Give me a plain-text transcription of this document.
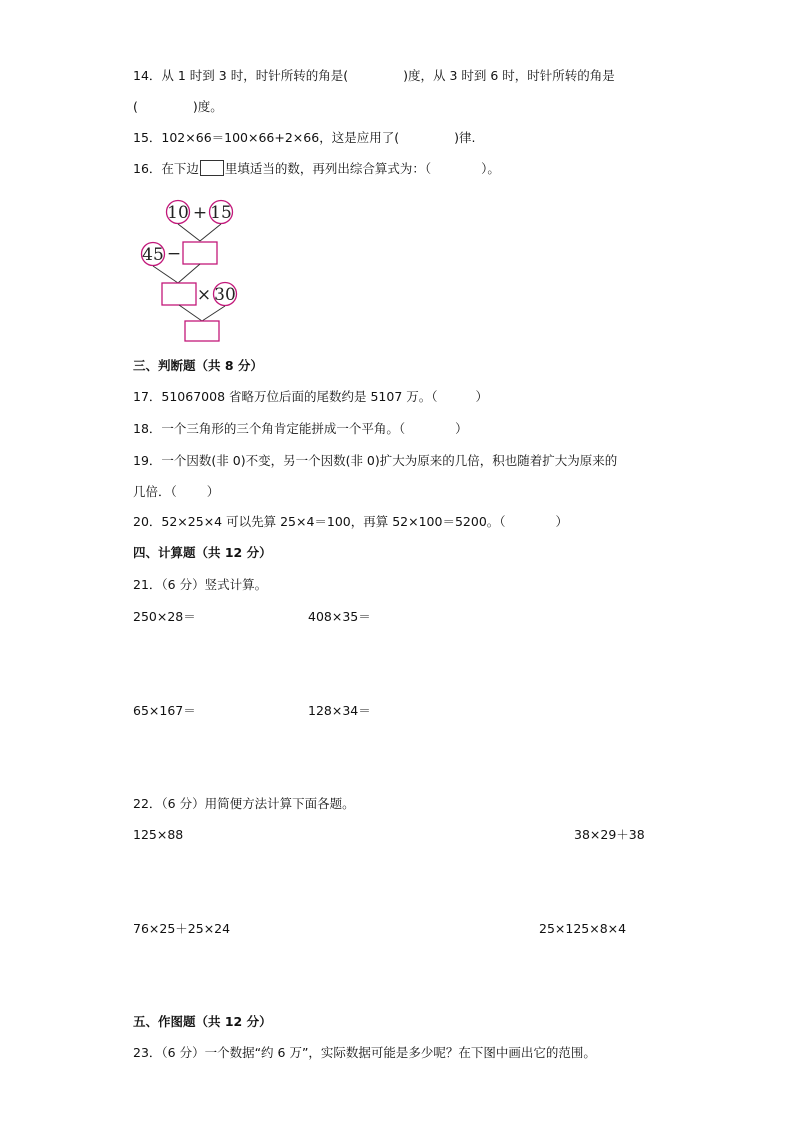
14．从 1 时到 3 时，时针所转的角是(	)度，从 3 时到 6 时，时针所转的角是
(	)度。
15．102×66＝100×66+2×66，这是应用了(	)律.
16．在下边 里填适当的数，再列出综合算式为：（	）。
10 + 15
45 −
× 30
三、判断题（共 8 分）
17．51067008 省略万位后面的尾数约是 5107 万。（	）
18．一个三角形的三个角肯定能拼成一个平角。（	）
19．一个因数(非 0)不变，另一个因数(非 0)扩大为原来的几倍，积也随着扩大为原来的
几倍．（ ）
20．52×25×4 可以先算 25×4＝100，再算 52×100＝5200。（	）
四、计算题（共 12 分）
21．（6 分）竖式计算。
250×28＝	408×35＝
65×167＝	128×34＝
22．（6 分）用简便方法计算下面各题。
125×88	38×29＋38
76×25＋25×24	25×125×8×4
五、作图题（共 12 分）
23．（6 分）一个数据“约 6 万”，实际数据可能是多少呢？在下图中画出它的范围。
